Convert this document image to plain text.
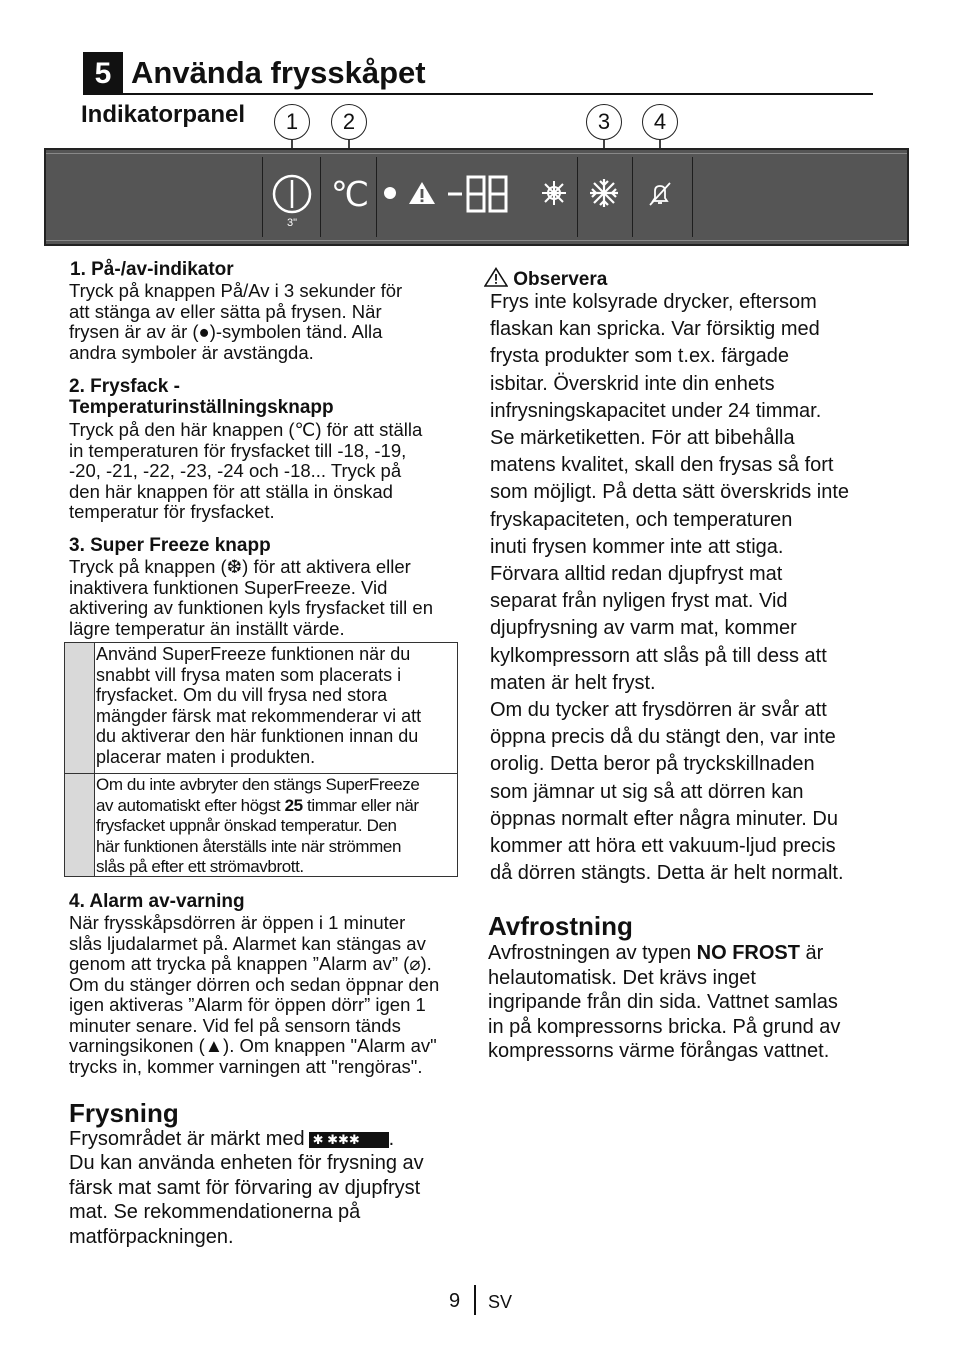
5 Använda frysskåpet
Indikatorpanel	1	2	3	4
3"
℃
1. På-/av-indikator
Tryck på knappen På/Av i 3 sekunder för
att stänga av eller sätta på frysen. När
frysen är av är (●)-symbolen tänd. Alla
andra symboler är avstängda.
2. Frysfack -
Temperaturinställningsknapp
Tryck på den här knappen (℃) för att ställa
in temperaturen för frysfacket till -18, -19,
-20, -21, -22, -23, -24 och -18... Tryck på
den här knappen för att ställa in önskad
temperatur för frysfacket.
3. Super Freeze knapp
Tryck på knappen (❆) för att aktivera eller
inaktivera funktionen SuperFreeze. Vid
aktivering av funktionen kyls frysfacket till en
lägre temperatur än inställt värde.
Använd SuperFreeze funktionen när du
snabbt vill frysa maten som placerats i
frysfacket. Om du vill frysa ned stora
mängder färsk mat rekommenderar vi att
du aktiverar den här funktionen innan du
placerar maten i produkten.
Om du inte avbryter den stängs SuperFreeze
av automatiskt efter högst 25 timmar eller när
frysfacket uppnår önskad temperatur. Den
här funktionen återställs inte när strömmen
slås på efter ett strömavbrott.
4. Alarm av-varning
När frysskåpsdörren är öppen i 1 minuter
slås ljudalarmet på. Alarmet kan stängas av
genom att trycka på knappen ”Alarm av” (⌀).
Om du stänger dörren och sedan öppnar den
igen aktiveras ”Alarm för öppen dörr” igen 1
minuter senare. Vid fel på sensorn tänds
varningsikonen (▲). Om knappen "Alarm av"
trycks in, kommer varningen att "rengöras".
Frysning
Frysområdet är märkt med ✱ ✱✱✱ .
Du kan använda enheten för frysning av
färsk mat samt för förvaring av djupfryst
mat. Se rekommendationerna på
matförpackningen.
Observera
Frys inte kolsyrade drycker, eftersom
flaskan kan spricka. Var försiktig med
frysta produkter som t.ex. färgade
isbitar. Överskrid inte din enhets
infrysningskapacitet under 24 timmar.
Se märketiketten. För att bibehålla
matens kvalitet, skall den frysas så fort
som möjligt. På detta sätt överskrids inte
fryskapaciteten, och temperaturen
inuti frysen kommer inte att stiga.
Förvara alltid redan djupfryst mat
separat från nyligen fryst mat. Vid
djupfrysning av varm mat, kommer
kylkompressorn att slås på till dess att
maten är helt fryst.
Om du tycker att frysdörren är svår att
öppna precis då du stängt den, var inte
orolig. Detta beror på tryckskillnaden
som jämnar ut sig så att dörren kan
öppnas normalt efter några minuter. Du
kommer att höra ett vakuum-ljud precis
då dörren stängts. Detta är helt normalt.
Avfrostning
Avfrostningen av typen NO FROST är
helautomatisk. Det krävs inget
ingripande från din sida. Vattnet samlas
in på kompressorns bricka. På grund av
kompressorns värme förångas vattnet.
9 SV
